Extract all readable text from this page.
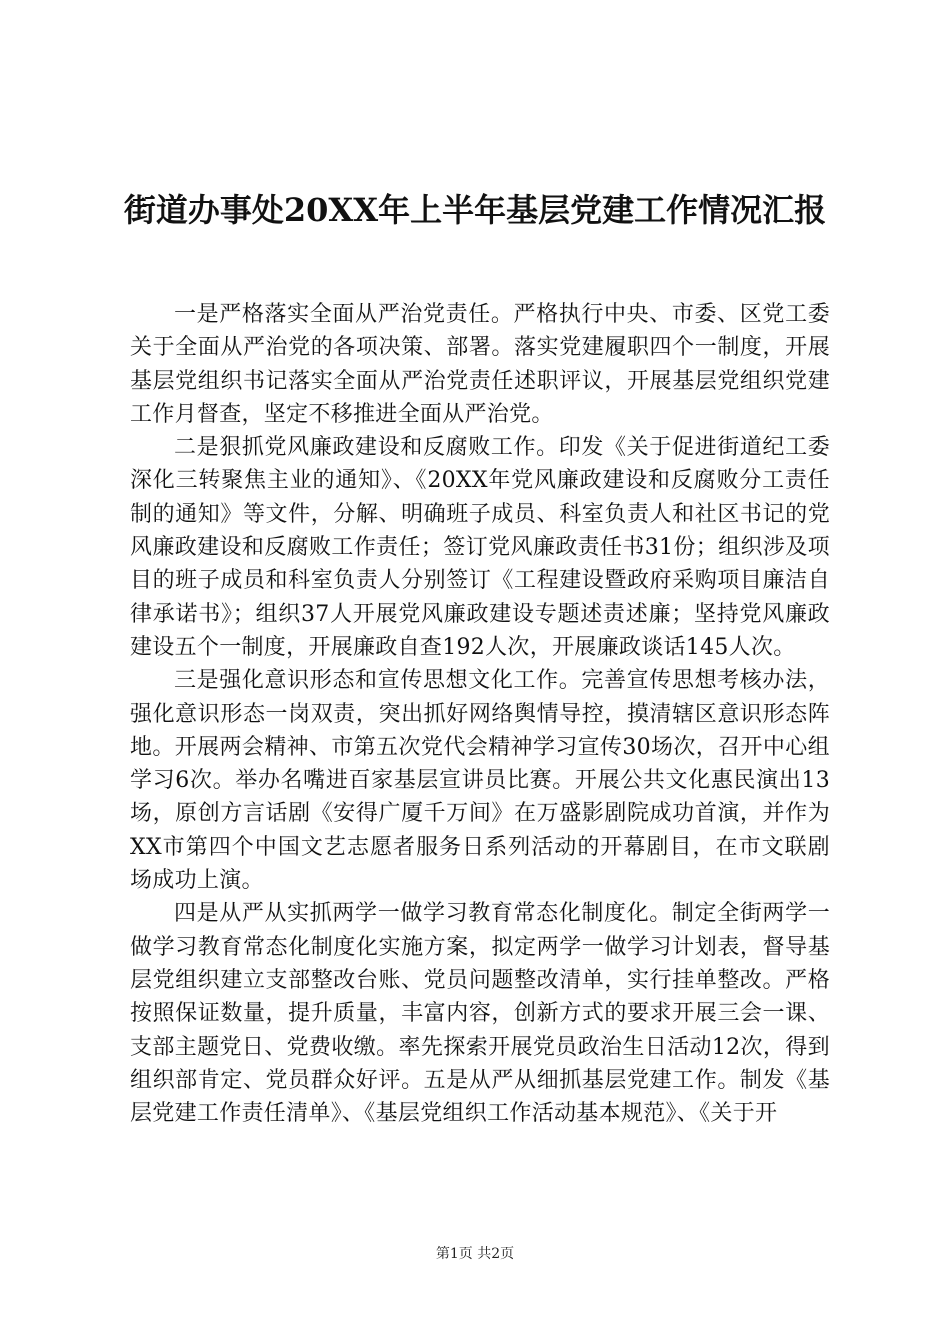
街道办事处20XX年上半年基层党建工作情况汇报

一是严格落实全面从严治党责任。严格执行中央、市委、区党工委关于全面从严治党的各项决策、部署。落实党建履职四个一制度，开展基层党组织书记落实全面从严治党责任述职评议，开展基层党组织党建工作月督查，坚定不移推进全面从严治党。

二是狠抓党风廉政建设和反腐败工作。印发《关于促进街道纪工委深化三转聚焦主业的通知》、《20XX年党风廉政建设和反腐败分工责任制的通知》等文件，分解、明确班子成员、科室负责人和社区书记的党风廉政建设和反腐败工作责任；签订党风廉政责任书31份；组织涉及项目的班子成员和科室负责人分别签订《工程建设暨政府采购项目廉洁自律承诺书》；组织37人开展党风廉政建设专题述责述廉；坚持党风廉政建设五个一制度，开展廉政自查192人次，开展廉政谈话145人次。

三是强化意识形态和宣传思想文化工作。完善宣传思想考核办法，强化意识形态一岗双责，突出抓好网络舆情导控，摸清辖区意识形态阵地。开展两会精神、市第五次党代会精神学习宣传30场次，召开中心组学习6次。举办名嘴进百家基层宣讲员比赛。开展公共文化惠民演出13场，原创方言话剧《安得广厦千万间》在万盛影剧院成功首演，并作为XX市第四个中国文艺志愿者服务日系列活动的开幕剧目，在市文联剧场成功上演。

四是从严从实抓两学一做学习教育常态化制度化。制定全街两学一做学习教育常态化制度化实施方案，拟定两学一做学习计划表，督导基层党组织建立支部整改台账、党员问题整改清单，实行挂单整改。严格按照保证数量，提升质量，丰富内容，创新方式的要求开展三会一课、支部主题党日、党费收缴。率先探索开展党员政治生日活动12次，得到组织部肯定、党员群众好评。五是从严从细抓基层党建工作。制发《基层党建工作责任清单》、《基层党组织工作活动基本规范》、《关于开

第1页 共2页
